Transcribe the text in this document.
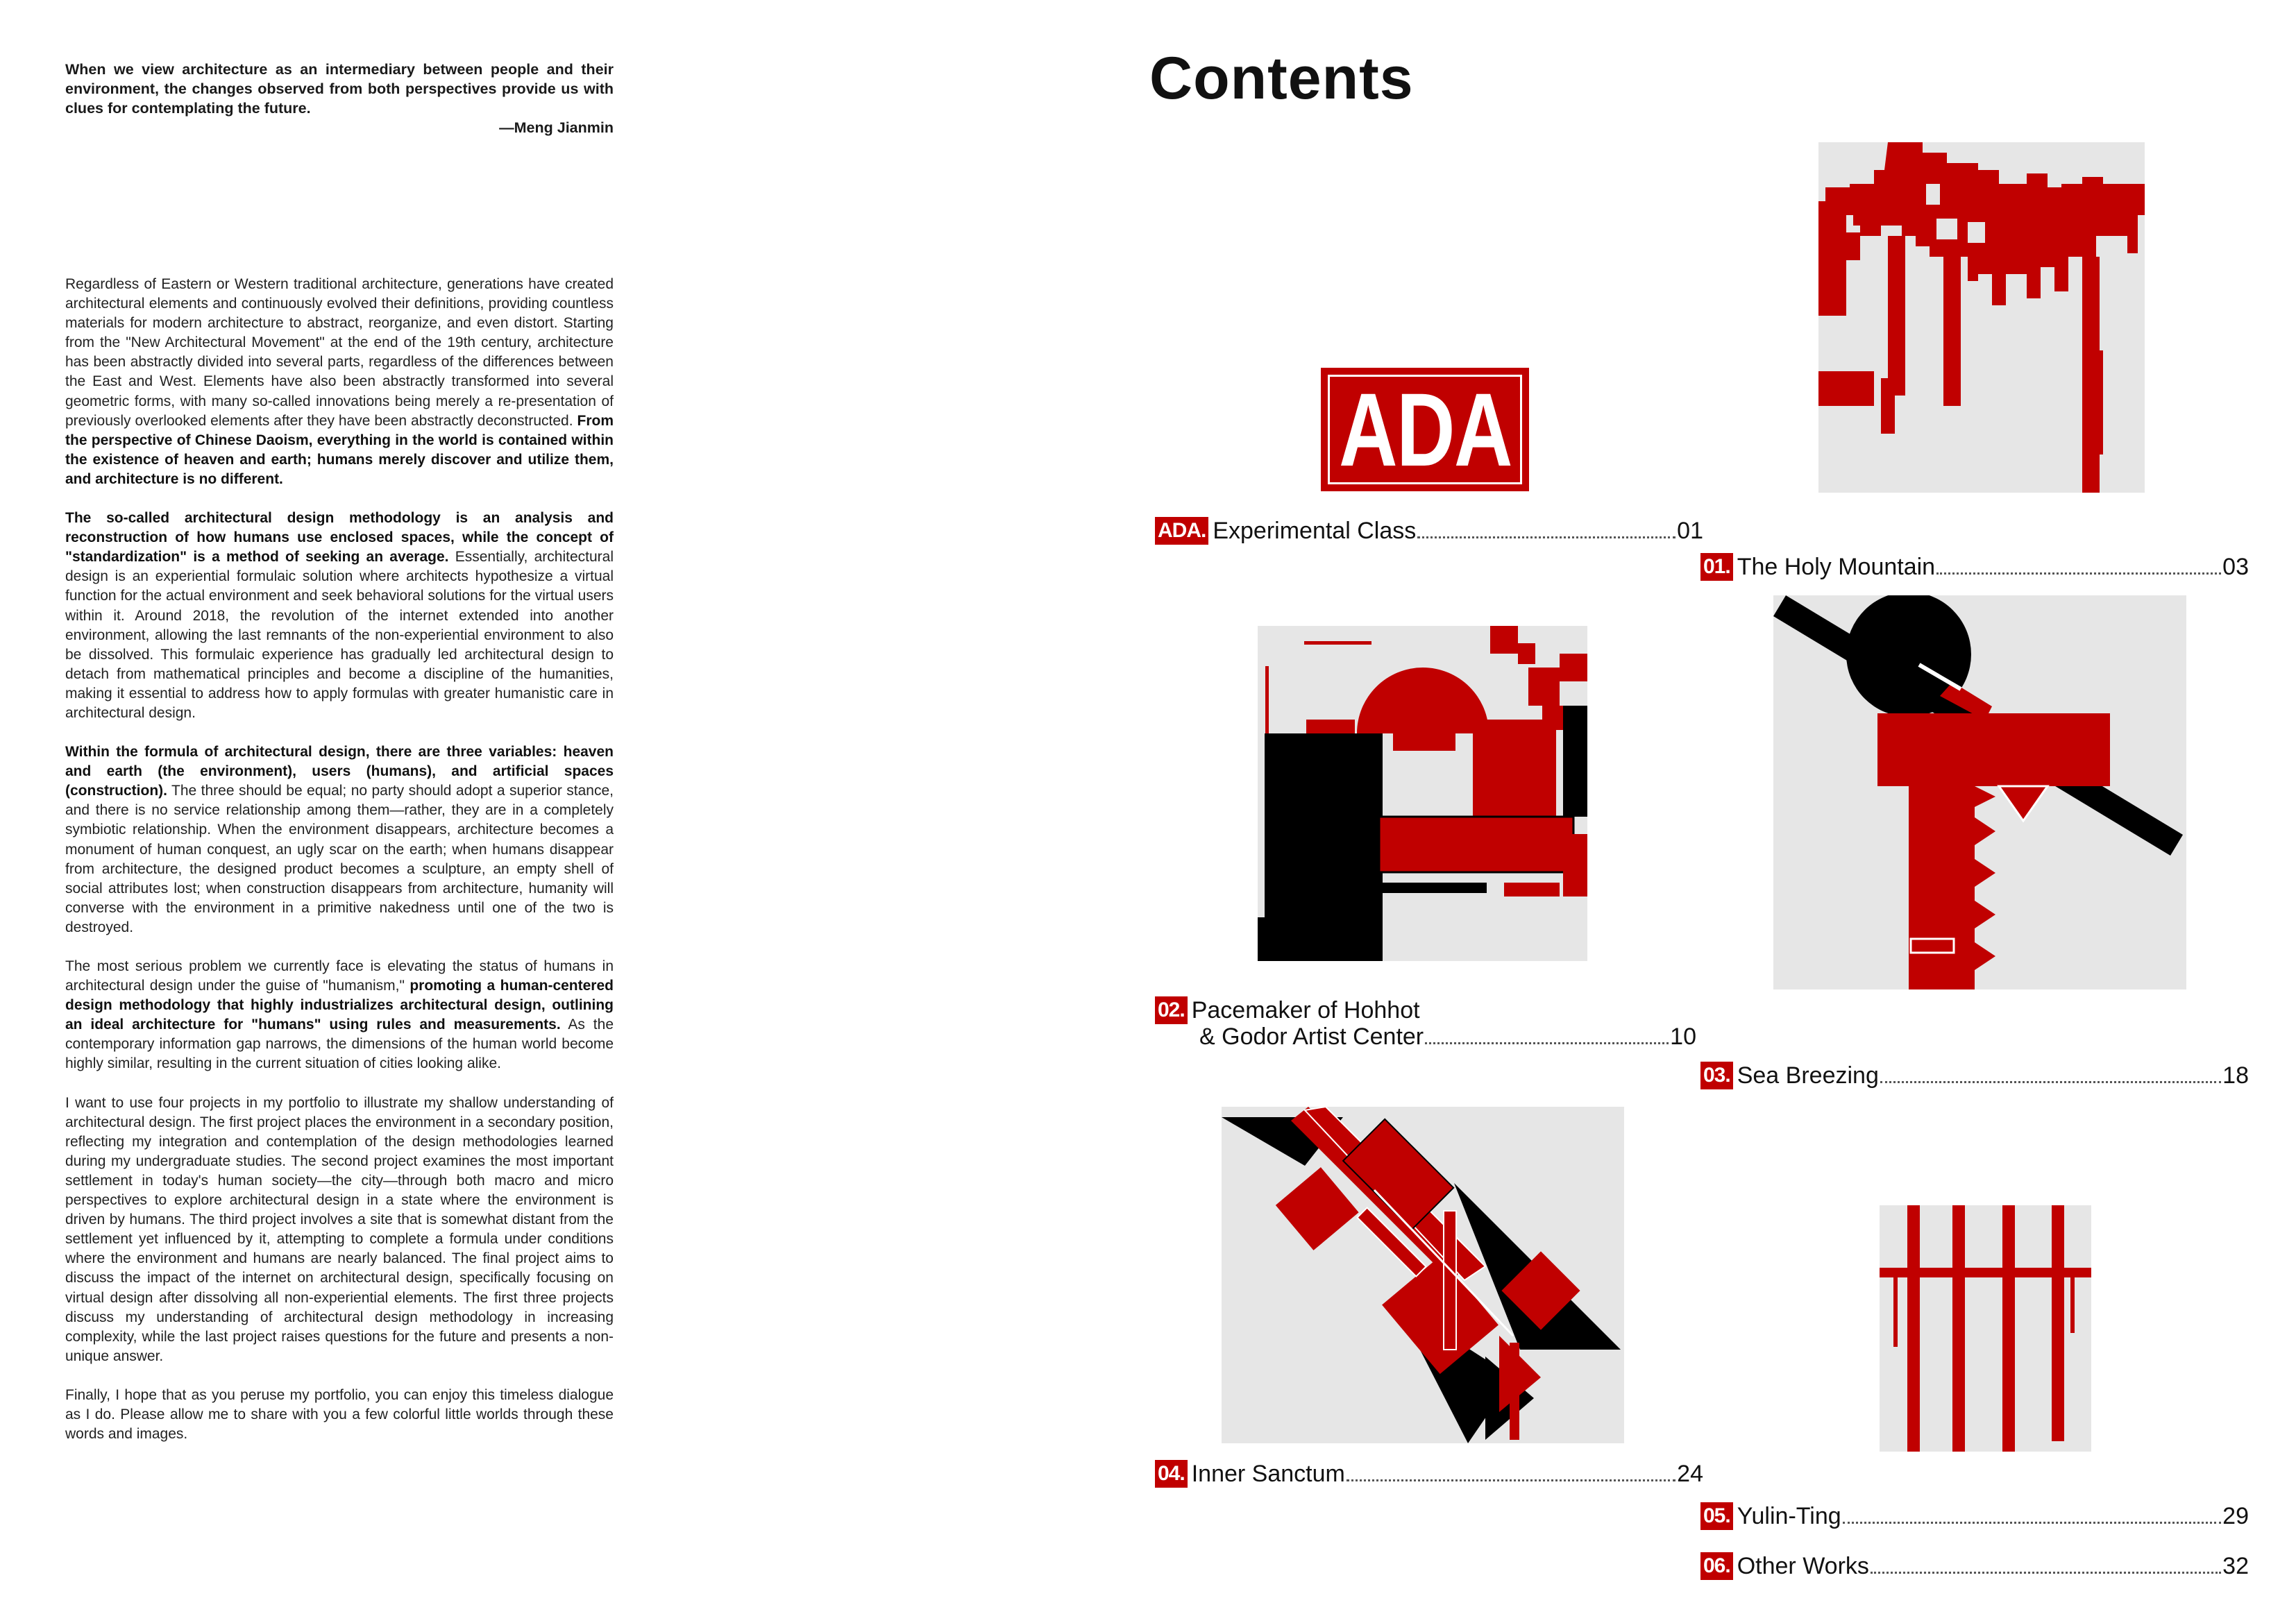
When we view architecture as an intermediary between people and their environment, the changes observed from both perspectives provide us with clues for contemplating the future.

—Meng Jianmin

Regardless of Eastern or Western traditional architecture, generations have created architectural elements and continuously evolved their definitions, providing countless materials for modern architecture to abstract, reorganize, and even distort. Starting from the "New Architectural Movement" at the end of the 19th century, architecture has been abstractly divided into several parts, regardless of the differences between the East and West. Elements have also been abstractly transformed into several geometric forms, with many so-called innovations being merely a re-presentation of previously overlooked elements after they have been abstractly deconstructed. From the perspective of Chinese Daoism, everything in the world is contained within the existence of heaven and earth; humans merely discover and utilize them, and architecture is no different.

The so-called architectural design methodology is an analysis and reconstruction of how humans use enclosed spaces, while the concept of "standardization" is a method of seeking an average. Essentially, architectural design is an experiential formulaic solution where architects hypothesize a virtual function for the actual environment and seek behavioral solutions for the virtual users within it. Around 2018, the revolution of the internet extended into another environment, allowing the last remnants of the non-experiential environment to also be dissolved. This formulaic experience has gradually led architectural design to detach from mathematical principles and become a discipline of the humanities, making it essential to address how to apply formulas with greater humanistic care in architectural design.

Within the formula of architectural design, there are three variables: heaven and earth (the environment), users (humans), and artificial spaces (construction). The three should be equal; no party should adopt a superior stance, and there is no service relationship among them—rather, they are in a completely symbiotic relationship. When the environment disappears, architecture becomes a monument of human conquest, an ugly scar on the earth; when humans disappear from architecture, the designed product becomes a sculpture, an empty shell of social attributes lost; when construction disappears from architecture, humanity will converse with the environment in a primitive nakedness until one of the two is destroyed.

The most serious problem we currently face is elevating the status of humans in architectural design under the guise of "humanism," promoting a human-centered design methodology that highly industrializes architectural design, outlining an ideal architecture for "humans" using rules and measurements. As the contemporary information gap narrows, the dimensions of the human world become highly similar, resulting in the current situation of cities looking alike.

I want to use four projects in my portfolio to illustrate my shallow understanding of architectural design. The first project places the environment in a secondary position, reflecting my integration and contemplation of the design methodologies learned during my undergraduate studies. The second project examines the most important settlement in today's human society—the city—through both macro and micro perspectives to explore architectural design in a state where the environment is driven by humans. The third project involves a site that is somewhat distant from the settlement yet influenced by it, attempting to complete a formula under conditions where the environment and humans are nearly balanced. The final project aims to discuss the impact of the internet on architectural design, specifically focusing on virtual design after dissolving all non-experiential elements. The first three projects discuss my understanding of architectural design methodology in increasing complexity, while the last project raises questions for the future and presents a non-unique answer.

Finally, I hope that as you peruse my portfolio, you can enjoy this timeless dialogue as I do. Please allow me to share with you a few colorful little worlds through these words and images.

Contents
ADA
ADA. Experimental Class	01
01. The Holy Mountain	03
02. Pacemaker of Hohhot
& Godor Artist Center	10
03. Sea Breezing	18
04. Inner Sanctum	24
05. Yulin-Ting	29
06. Other Works	32
